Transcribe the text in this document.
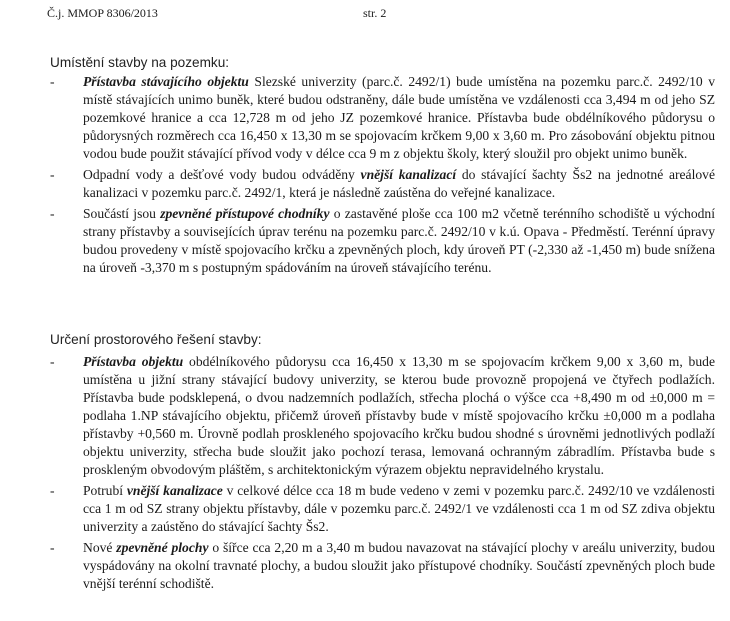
Č.j. MMOP 8306/2013	str. 2
Umístění stavby na pozemku:
- Přístavba stávajícího objektu Slezské univerzity (parc.č. 2492/1) bude umístěna na pozemku parc.č. 2492/10 v místě stávajících unimo buněk, které budou odstraněny, dále bude umístěna ve vzdálenosti cca 3,494 m od jeho SZ pozemkové hranice a cca 12,728 m od jeho JZ pozemkové hranice. Přístavba bude obdélníkového půdorysu o půdorysných rozměrech cca 16,450 x 13,30 m se spojovacím krčkem 9,00 x 3,60 m. Pro zásobování objektu pitnou vodou bude použit stávající přívod vody v délce cca 9 m z objektu školy, který sloužil pro objekt unimo buněk.
- Odpadní vody a dešťové vody budou odváděny vnější kanalizací do stávající šachty Šs2 na jednotné areálové kanalizaci v pozemku parc.č. 2492/1, která je následně zaústěna do veřejné kanalizace.
- Součástí jsou zpevněné přístupové chodníky o zastavěné ploše cca 100 m2 včetně terénního schodiště u východní strany přístavby a souvisejících úprav terénu na pozemku parc.č. 2492/10 v k.ú. Opava - Předměstí. Terénní úpravy budou provedeny v místě spojovacího krčku a zpevněných ploch, kdy úroveň PT (-2,330 až -1,450 m) bude snížena na úroveň -3,370 m s postupným spádováním na úroveň stávajícího terénu.
Určení prostorového řešení stavby:
- Přístavba objektu obdélníkového půdorysu cca 16,450 x 13,30 m se spojovacím krčkem 9,00 x 3,60 m, bude umístěna u jižní strany stávající budovy univerzity, se kterou bude provozně propojená ve čtyřech podlažích. Přístavba bude podsklepená, o dvou nadzemních podlažích, střecha plochá o výšce cca +8,490 m od ±0,000 m = podlaha 1.NP stávajícího objektu, přičemž úroveň přístavby bude v místě spojovacího krčku ±0,000 m a podlaha přístavby +0,560 m. Úrovně podlah proskleného spojovacího krčku budou shodné s úrovněmi jednotlivých podlaží objektu univerzity, střecha bude sloužit jako pochozí terasa, lemovaná ochranným zábradlím. Přístavba bude s proskleným obvodovým pláštěm, s architektonickým výrazem objektu nepravidelného krystalu.
- Potrubí vnější kanalizace v celkové délce cca 18 m bude vedeno v zemi v pozemku parc.č. 2492/10 ve vzdálenosti cca 1 m od SZ strany objektu přístavby, dále v pozemku parc.č. 2492/1 ve vzdálenosti cca 1 m od SZ zdiva objektu univerzity a zaústěno do stávající šachty Šs2.
- Nové zpevněné plochy o šířce cca 2,20 m a 3,40 m budou navazovat na stávající plochy v areálu univerzity, budou vyspádovány na okolní travnaté plochy, a budou sloužit jako přístupové chodníky. Součástí zpevněných ploch bude vnější terénní schodiště.
